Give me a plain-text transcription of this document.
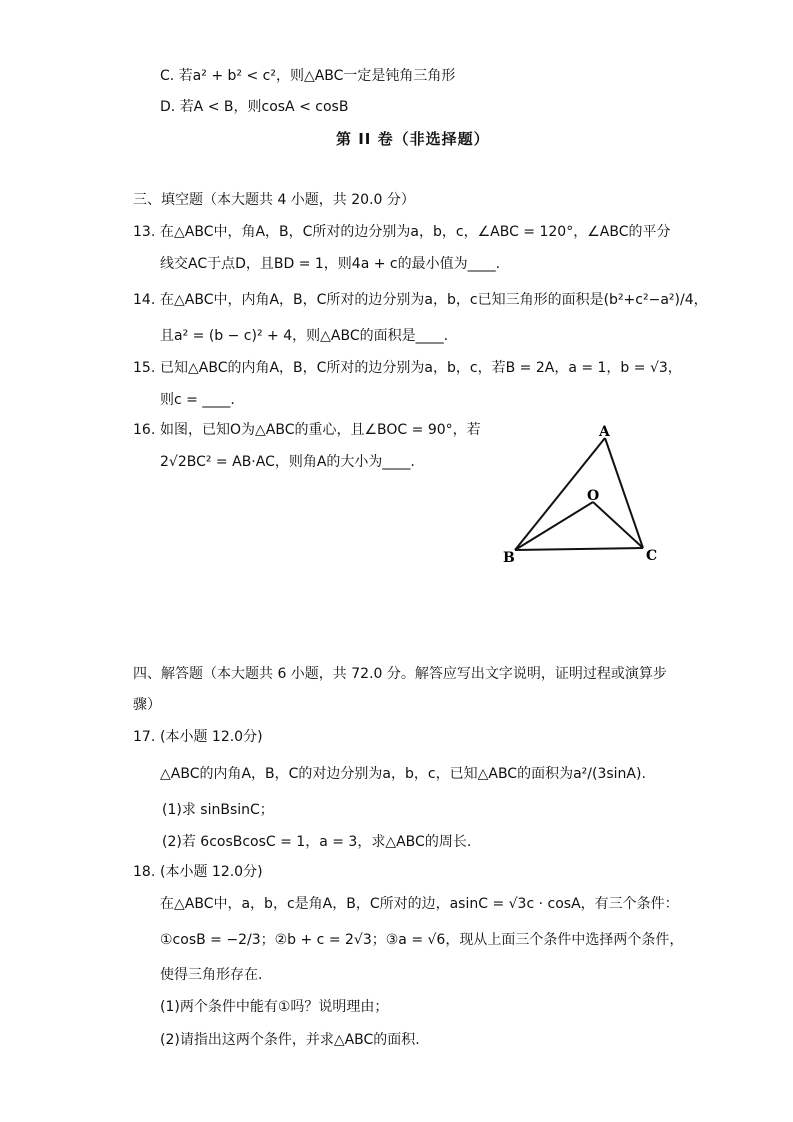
C. 若a² + b² < c²，则△ABC一定是钝角三角形
D. 若A < B，则cosA < cosB
第 II 卷（非选择题）
三、填空题（本大题共 4 小题，共 20.0 分）
13. 在△ABC中，角A，B，C所对的边分别为a，b，c，∠ABC = 120°，∠ABC的平分
线交AC于点D，且BD = 1，则4a + c的最小值为____.
14. 在△ABC中，内角A，B，C所对的边分别为a，b，c已知三角形的面积是(b²+c²−a²)/4，
且a² = (b − c)² + 4，则△ABC的面积是____.
15. 已知△ABC的内角A，B，C所对的边分别为a，b，c，若B = 2A，a = 1，b = √3，
则c = ____.
16. 如图，已知O为△ABC的重心，且∠BOC = 90°，若
2√2BC² = AB·AC，则角A的大小为____.
A
B	C
O
四、解答题（本大题共 6 小题，共 72.0 分。解答应写出文字说明，证明过程或演算步
骤）
17. (本小题 12.0分)
△ABC的内角A，B，C的对边分别为a，b，c，已知△ABC的面积为a²/(3sinA).
(1)求 sinBsinC；
(2)若 6cosBcosC = 1，a = 3，求△ABC的周长.
18. (本小题 12.0分)
在△ABC中，a，b，c是角A，B，C所对的边，asinC = √3c · cosA，有三个条件：
①cosB = −2/3；②b + c = 2√3；③a = √6，现从上面三个条件中选择两个条件，
使得三角形存在.
(1)两个条件中能有①吗？说明理由；
(2)请指出这两个条件，并求△ABC的面积.
